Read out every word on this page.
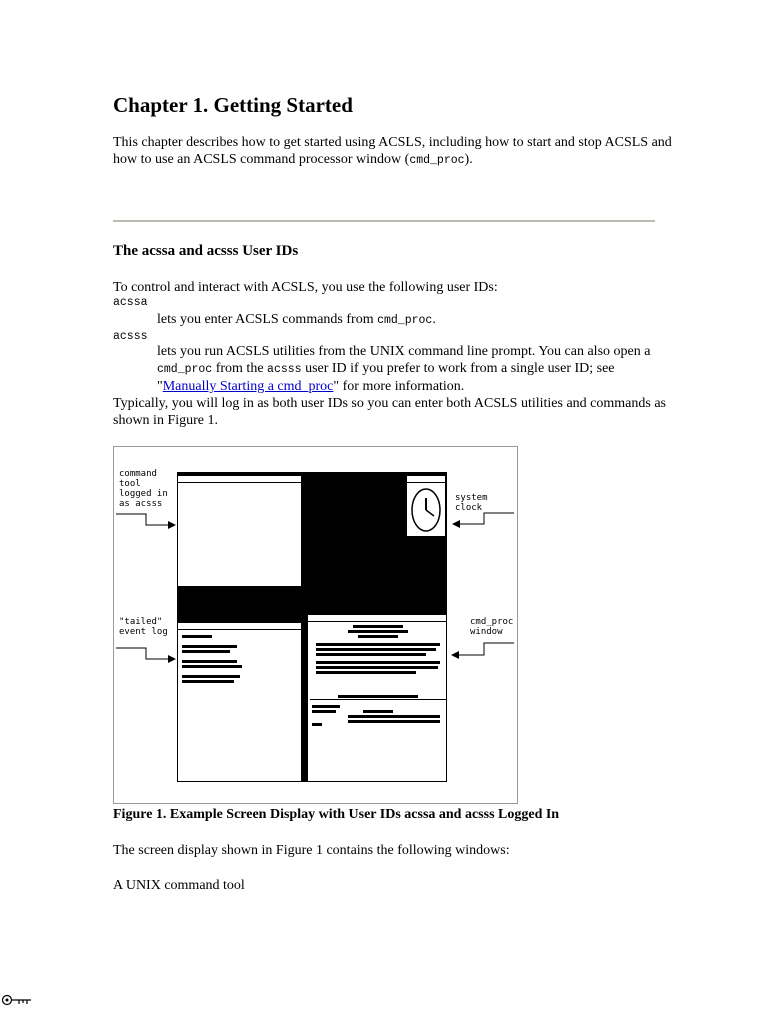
Chapter 1. Getting Started

This chapter describes how to get started using ACSLS, including how to start and stop ACSLS and how to use an ACSLS command processor window (cmd_proc).

The acssa and acsss User IDs

To control and interact with ACSLS, you use the following user IDs:

acssa

lets you enter ACSLS commands from cmd_proc.

acsss

lets you run ACSLS utilities from the UNIX command line prompt. You can also open a cmd_proc from the acsss user ID if you prefer to work from a single user ID; see "Manually Starting a cmd_proc" for more information.

Typically, you will log in as both user IDs so you can enter both ACSLS utilities and commands as shown in Figure 1.

command
tool
logged in
as acsss
system
clock
"tailed"
event log
cmd_proc
window
Figure 1. Example Screen Display with User IDs acssa and acsss Logged In

The screen display shown in Figure 1 contains the following windows:

A UNIX command tool
